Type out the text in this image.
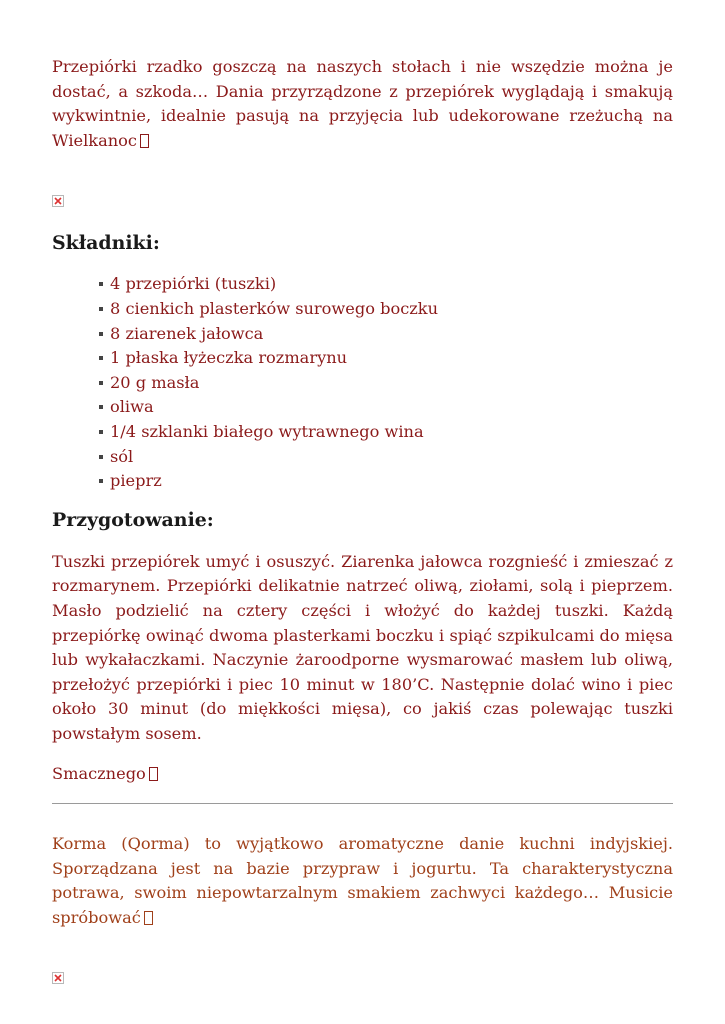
Przepiórki rzadko goszczą na naszych stołach i nie wszędzie można je dostać, a szkoda… Dania przyrządzone z przepiórek wyglądają i smakują wykwintnie, idealnie pasują na przyjęcia lub udekorowane rzeżuchą na Wielkanoc

Składniki:
4 przepiórki (tuszki)
8 cienkich plasterków surowego boczku
8 ziarenek jałowca
1 płaska łyżeczka rozmarynu
20 g masła
oliwa
1/4 szklanki białego wytrawnego wina
sól
pieprz
Przygotowanie:

Tuszki przepiórek umyć i osuszyć. Ziarenka jałowca rozgnieść i zmieszać z rozmarynem. Przepiórki delikatnie natrzeć oliwą, ziołami, solą i pieprzem. Masło podzielić na cztery części i włożyć do każdej tuszki. Każdą przepiórkę owinąć dwoma plasterkami boczku i spiąć szpikulcami do mięsa lub wykałaczkami. Naczynie żaroodporne wysmarować masłem lub oliwą, przełożyć przepiórki i piec 10 minut w 180’C. Następnie dolać wino i piec około 30 minut (do miękkości mięsa), co jakiś czas polewając tuszki powstałym sosem.

Smacznego

Korma (Qorma) to wyjątkowo aromatyczne danie kuchni indyjskiej. Sporządzana jest na bazie przypraw i jogurtu. Ta charakterystyczna potrawa, swoim niepowtarzalnym smakiem zachwyci każdego… Musicie spróbować
